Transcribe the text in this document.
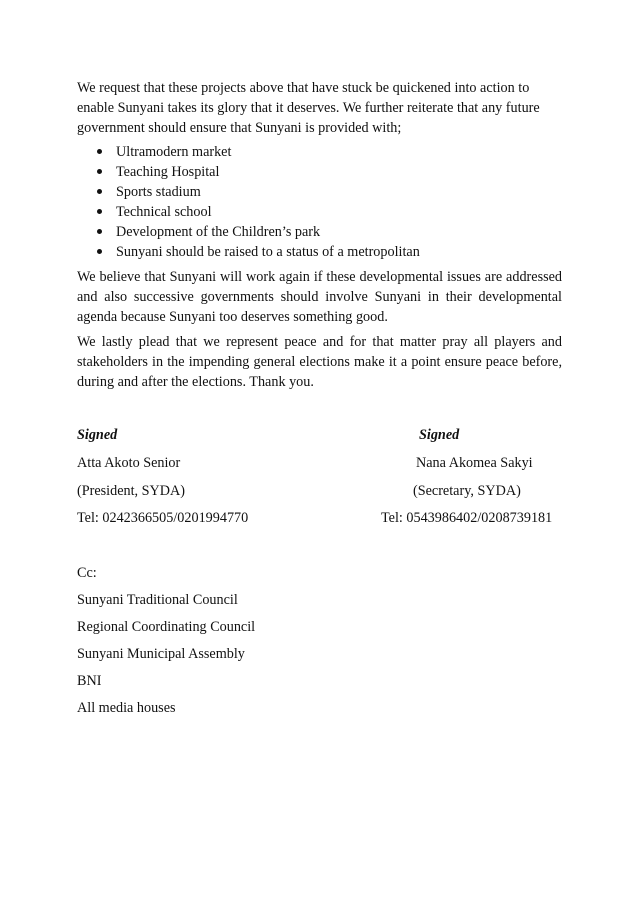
We request that these projects above that have stuck be quickened into action to enable Sunyani takes its glory that it deserves. We further reiterate that any future government should ensure that Sunyani is provided with;

Ultramodern market
Teaching Hospital
Sports stadium
Technical school
Development of the Children’s park
Sunyani should be raised to a status of a metropolitan

We believe that Sunyani will work again if these developmental issues are addressed and also successive governments should involve Sunyani in their developmental agenda because Sunyani too deserves something good.

We lastly plead that we represent peace and for that matter pray all players and stakeholders in the impending general elections make it a point ensure peace before, during and after the elections. Thank you.

Signed
Atta Akoto Senior
(President, SYDA)
Tel: 0242366505/0201994770
Signed
Nana Akomea Sakyi
(Secretary, SYDA)
Tel: 0543986402/0208739181
Cc:
Sunyani Traditional Council
Regional Coordinating Council
Sunyani Municipal Assembly
BNI
All media houses
